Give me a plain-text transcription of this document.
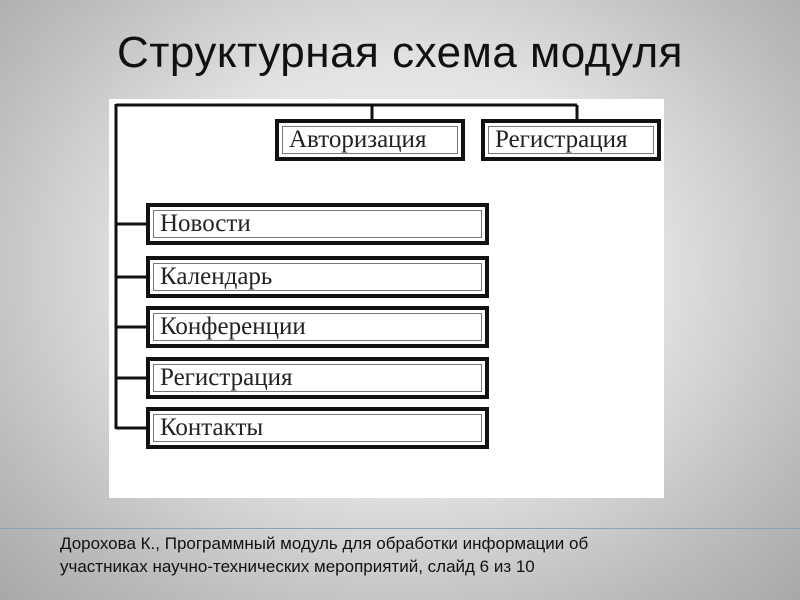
Структурная схема модуля
Авторизация	Регистрация
Новости
Календарь
Конференции
Регистрация
Контакты
Дорохова К., Программный модуль для обработки информации об
участниках научно-технических мероприятий, слайд 6 из 10
